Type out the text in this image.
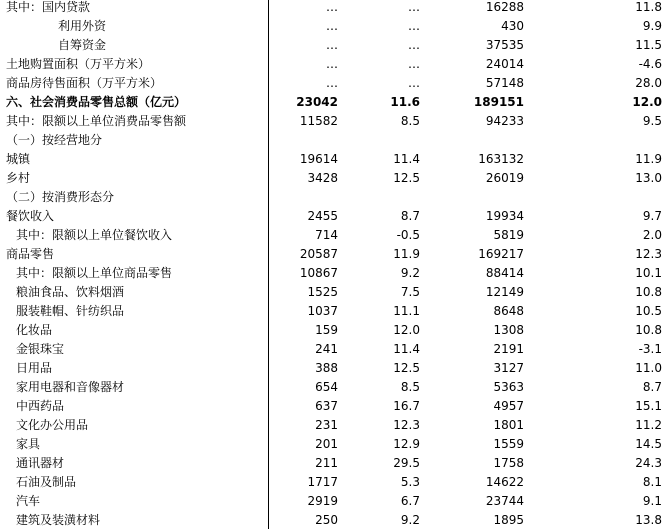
其中：国内贷款	…	…	16288	11.8
利用外资	…	…	430	9.9
自筹资金	…	…	37535	11.5
土地购置面积（万平方米）	…	…	24014	-4.6
商品房待售面积（万平方米）	…	…	57148	28.0
六、社会消费品零售总额（亿元）	23042	11.6	189151	12.0
其中：限额以上单位消费品零售额	11582	8.5	94233	9.5
（一）按经营地分				
城镇	19614	11.4	163132	11.9
乡村	3428	12.5	26019	13.0
（二）按消费形态分				
餐饮收入	2455	8.7	19934	9.7
其中：限额以上单位餐饮收入	714	-0.5	5819	2.0
商品零售	20587	11.9	169217	12.3
其中：限额以上单位商品零售	10867	9.2	88414	10.1
粮油食品、饮料烟酒	1525	7.5	12149	10.8
服装鞋帽、针纺织品	1037	11.1	8648	10.5
化妆品	159	12.0	1308	10.8
金银珠宝	241	11.4	2191	-3.1
日用品	388	12.5	3127	11.0
家用电器和音像器材	654	8.5	5363	8.7
中西药品	637	16.7	4957	15.1
文化办公用品	231	12.3	1801	11.2
家具	201	12.9	1559	14.5
通讯器材	211	29.5	1758	24.3
石油及制品	1717	5.3	14622	8.1
汽车	2919	6.7	23744	9.1
建筑及装潢材料	250	9.2	1895	13.8
